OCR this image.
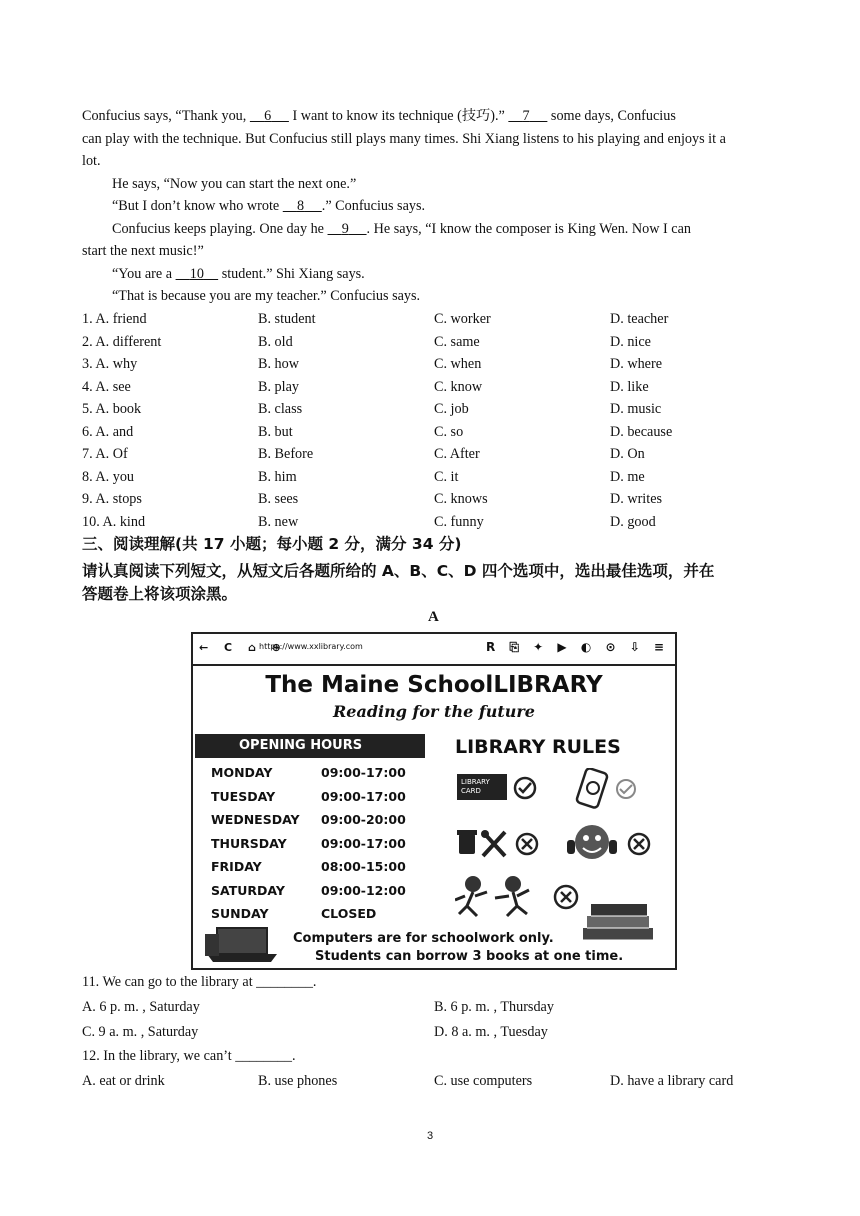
Confucius says, “Thank you,     6      I want to know its technique (技巧).”     7      some days, Confucius
can play with the technique. But Confucius still plays many times. Shi Xiang listens to his playing and enjoys it a
lot.
He says, “Now you can start the next one.”
“But I don’t know who wrote     8 .” Confucius says.
Confucius keeps playing. One day he     9 . He says, “I know the composer is King Wen. Now I can
start the next music!”
“You are a     10     student.” Shi Xiang says.
“That is because you are my teacher.” Confucius says.
1. A. friend	B. student	C. worker	D. teacher
2. A. different	B. old	C. same	D. nice
3. A. why	B. how	C. when	D. where
4. A. see	B. play	C. know	D. like
5. A. book	B. class	C. job	D. music
6. A. and	B. but	C. so	D. because
7. A. Of	B. Before	C. After	D. On
8. A. you	B. him	C. it	D. me
9. A. stops	B. sees	C. knows	D. writes
10. A. kind	B. new	C. funny	D. good
三、阅读理解(共 17 小题；每小题 2 分，满分 34 分)
请认真阅读下列短文，从短文后各题所给的 A、B、C、D 四个选项中，选出最佳选项，并在
答题卷上将该项涂黑。
A
11. We can go to the library at ________.
A. 6 p. m. , Saturday	B. 6 p. m. , Thursday
C. 9 a. m. , Saturday	D. 8 a. m. , Tuesday
12. In the library, we can’t ________.
A. eat or drink	B. use phones	C. use computers	D. have a library card
← C ⌂ ⊕
https://www.xxlibrary.com	R ⎘ ✦ ▶ ◐ ⊙ ⇩ ≡
The Maine SchoolLIBRARY
Reading for the future
OPENING HOURS	LIBRARY RULES
MONDAY	09:00-17:00
TUESDAY	09:00-17:00
WEDNESDAY 09:00-20:00
THURSDAY	09:00-17:00
FRIDAY	08:00-15:00
SATURDAY	09:00-12:00
SUNDAY	CLOSED
LIBRARY CARD
Computers are for schoolwork only.
Students can borrow 3 books at one time.
3
